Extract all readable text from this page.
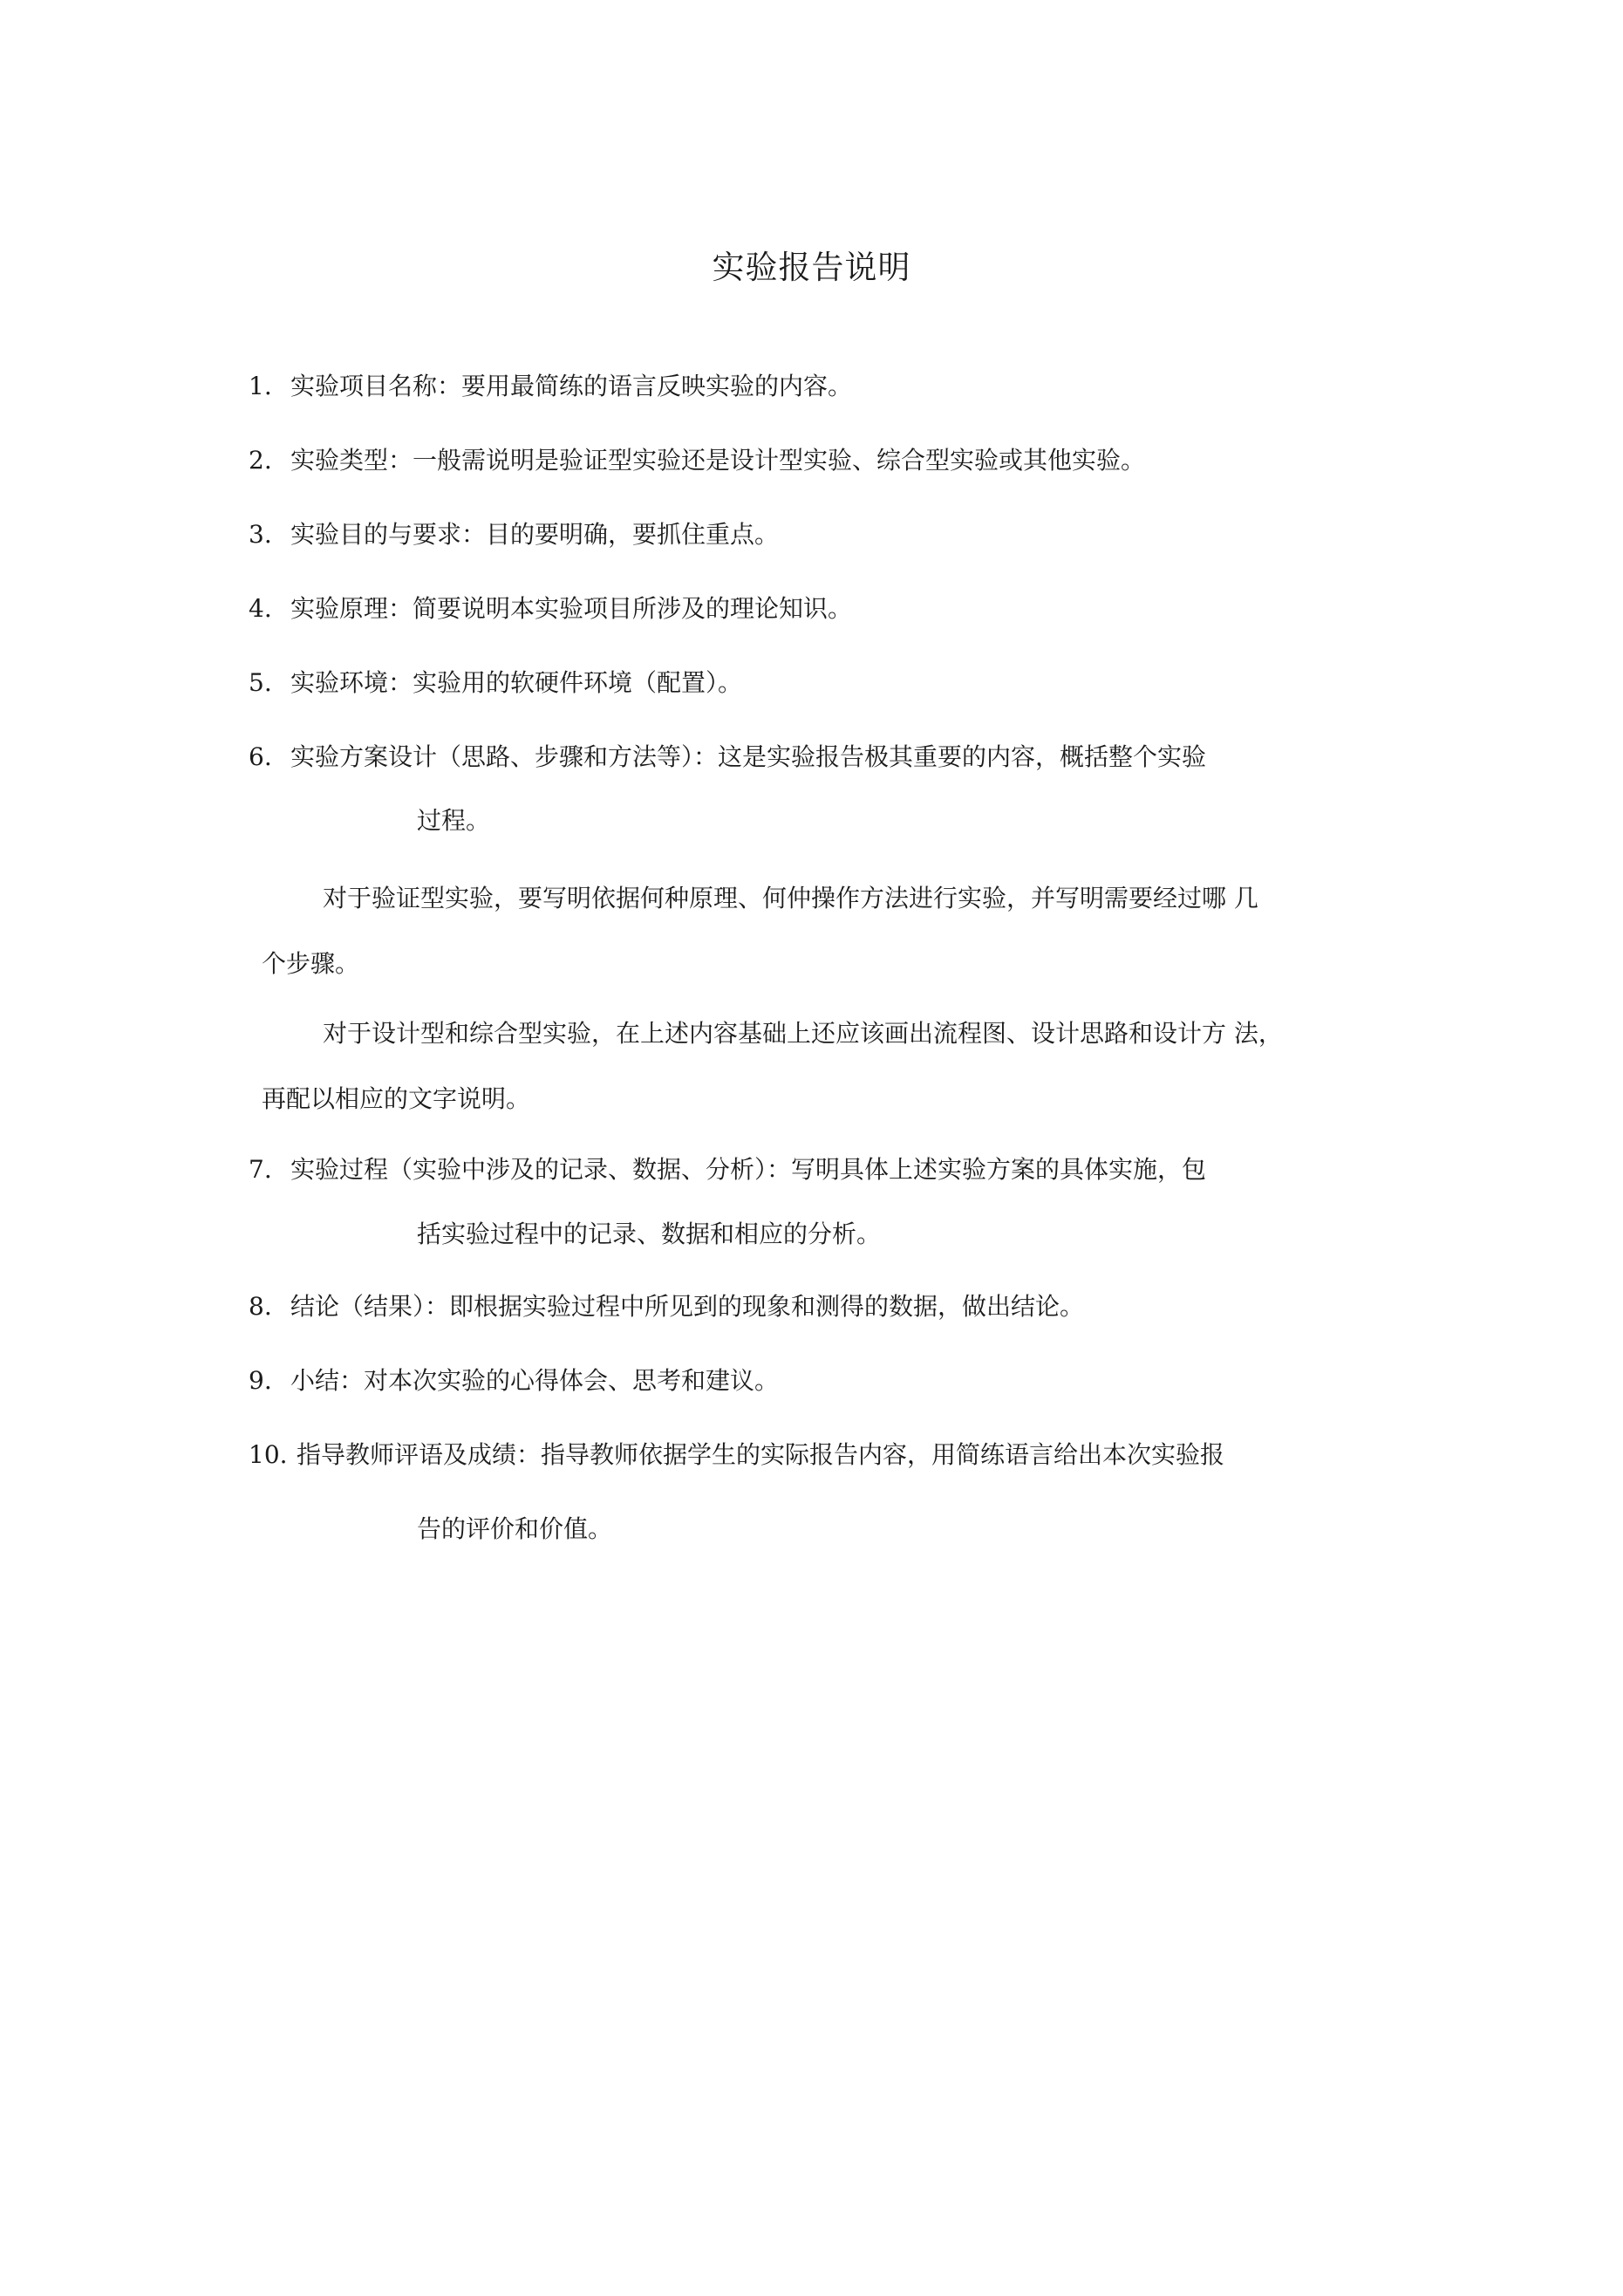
实验报告说明
1. 实验项目名称：要用最简练的语言反映实验的内容。
2. 实验类型：一般需说明是验证型实验还是设计型实验、综合型实验或其他实验。
3. 实验目的与要求：目的要明确，要抓住重点。
4. 实验原理：简要说明本实验项目所涉及的理论知识。
5. 实验环境：实验用的软硬件环境（配置）。
6. 实验方案设计（思路、步骤和方法等）：这是实验报告极其重要的内容，概括整个实验
过程。
对于验证型实验，要写明依据何种原理、何仲操作方法进行实验，并写明需要经过哪 几
个步骤。
对于设计型和综合型实验，在上述内容基础上还应该画出流程图、设计思路和设计方 法，
再配以相应的文字说明。
7. 实验过程（实验中涉及的记录、数据、分析）：写明具体上述实验方案的具体实施，包
括实验过程中的记录、数据和相应的分析。
8. 结论（结果）：即根据实验过程中所见到的现象和测得的数据，做出结论。
9. 小结：对本次实验的心得体会、思考和建议。
10. 指导教师评语及成绩：指导教师依据学生的实际报告内容，用简练语言给出本次实验报
告的评价和价值。
